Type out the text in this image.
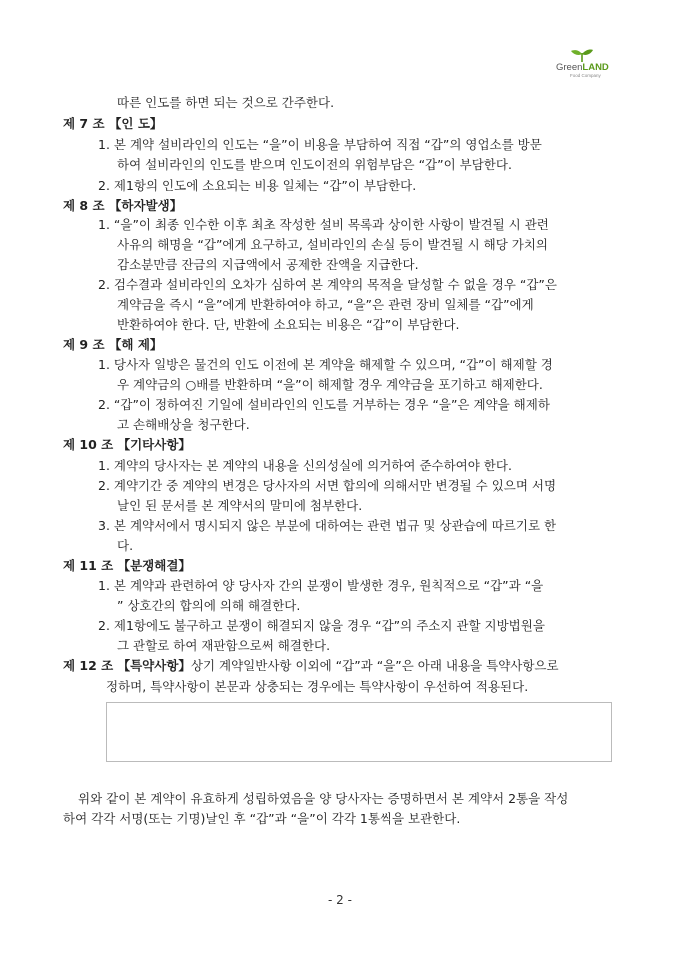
GreenLAND
Food Company
따른 인도를 하면 되는 것으로 간주한다.
제 7 조 【인 도】
1. 본 계약 설비라인의 인도는 “을”이 비용을 부담하여 직접 “갑”의 영업소를 방문
하여 설비라인의 인도를 받으며 인도이전의 위험부담은 “갑”이 부담한다.
2. 제1항의 인도에 소요되는 비용 일체는 “갑”이 부담한다.
제 8 조 【하자발생】
1. “을”이 최종 인수한 이후 최초 작성한 설비 목록과 상이한 사항이 발견될 시 관련
사유의 해명을 “갑”에게 요구하고, 설비라인의 손실 등이 발견될 시 해당 가치의
감소분만큼 잔금의 지급액에서 공제한 잔액을 지급한다.
2. 검수결과 설비라인의 오차가 심하여 본 계약의 목적을 달성할 수 없을 경우 “갑”은
계약금을 즉시 “을”에게 반환하여야 하고, “을”은 관련 장비 일체를 “갑”에게
반환하여야 한다. 단, 반환에 소요되는 비용은 “갑”이 부담한다.
제 9 조 【해 제】
1. 당사자 일방은 물건의 인도 이전에 본 계약을 해제할 수 있으며, “갑”이 해제할 경
우 계약금의 ○배를 반환하며 “을”이 해제할 경우 계약금을 포기하고 해제한다.
2. “갑”이 정하여진 기일에 설비라인의 인도를 거부하는 경우 “을”은 계약을 해제하
고 손해배상을 청구한다.
제 10 조 【기타사항】
1. 계약의 당사자는 본 계약의 내용을 신의성실에 의거하여 준수하여야 한다.
2. 계약기간 중 계약의 변경은 당사자의 서면 합의에 의해서만 변경될 수 있으며 서명
날인 된 문서를 본 계약서의 말미에 첨부한다.
3. 본 계약서에서 명시되지 않은 부분에 대하여는 관련 법규 및 상관습에 따르기로 한
다.
제 11 조 【분쟁해결】
1. 본 계약과 관련하여 양 당사자 간의 분쟁이 발생한 경우, 원칙적으로 “갑”과 “을
” 상호간의 합의에 의해 해결한다.
2. 제1항에도 불구하고 분쟁이 해결되지 않을 경우 “갑”의 주소지 관할 지방법원을
그 관할로 하여 재판함으로써 해결한다.
제 12 조 【특약사항】상기 계약일반사항 이외에 “갑”과 “을”은 아래 내용을 특약사항으로
정하며, 특약사항이 본문과 상충되는 경우에는 특약사항이 우선하여 적용된다.
위와 같이 본 계약이 유효하게 성립하였음을 양 당사자는 증명하면서 본 계약서 2통을 작성
하여 각각 서명(또는 기명)날인 후 “갑”과 “을”이 각각 1통씩을 보관한다.
- 2 -
